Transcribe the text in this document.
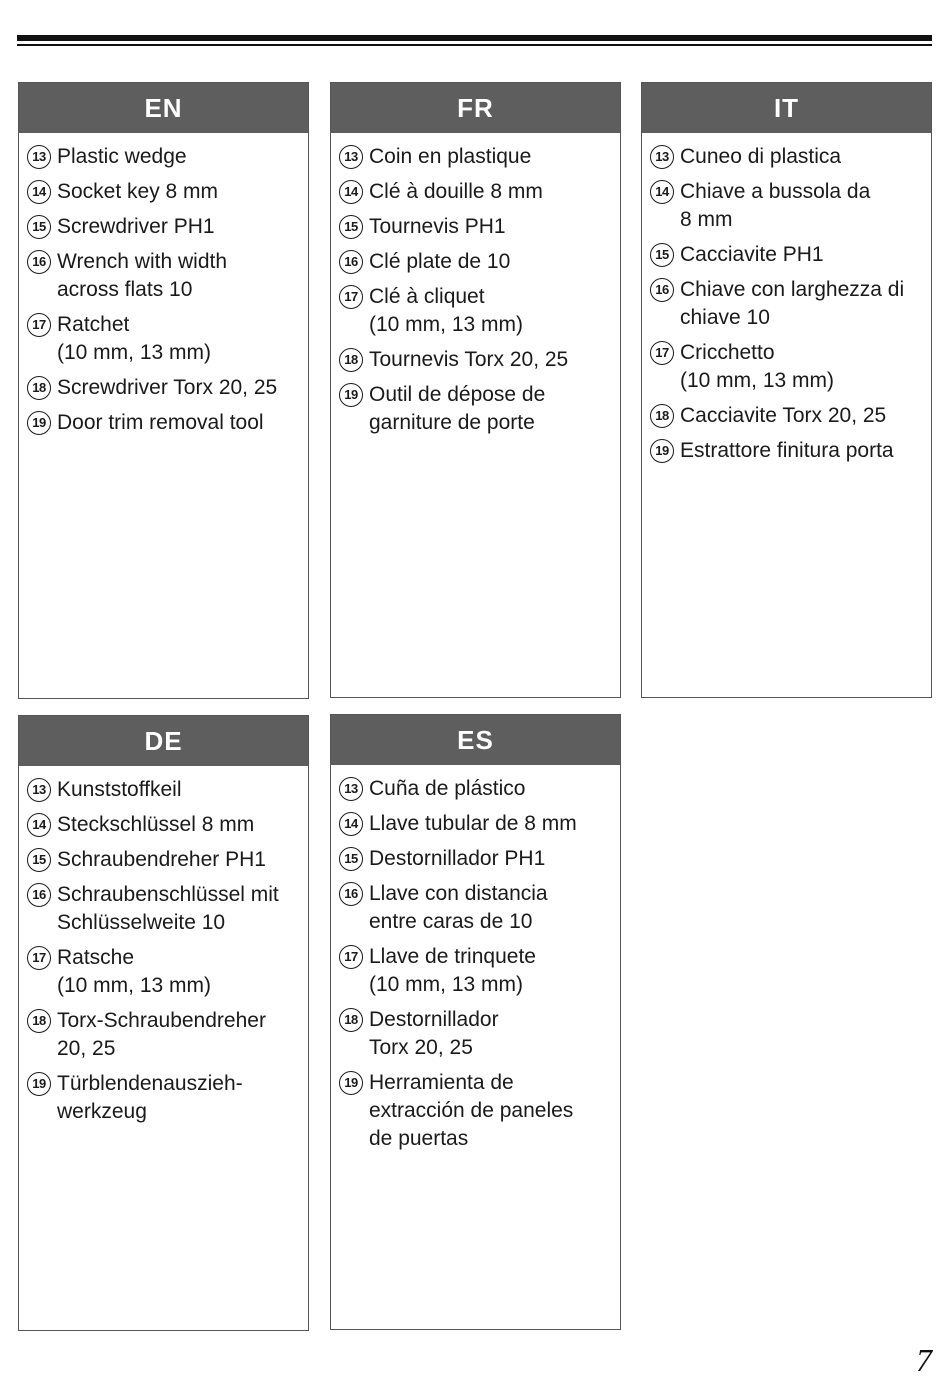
EN
13 Plastic wedge
14 Socket key 8 mm
15 Screwdriver PH1
16 Wrench with width
across flats 10
17 Ratchet
(10 mm, 13 mm)
18 Screwdriver Torx 20, 25
19 Door trim removal tool
FR
13 Coin en plastique
14 Clé à douille 8 mm
15 Tournevis PH1
16 Clé plate de 10
17 Clé à cliquet
(10 mm, 13 mm)
18 Tournevis Torx 20, 25
19 Outil de dépose de
garniture de porte
IT
13 Cuneo di plastica
14 Chiave a bussola da
8 mm
15 Cacciavite PH1
16 Chiave con larghezza di
chiave 10
17 Cricchetto
(10 mm, 13 mm)
18 Cacciavite Torx 20, 25
19 Estrattore finitura porta
DE
13 Kunststoffkeil
14 Steckschlüssel 8 mm
15 Schraubendreher PH1
16 Schraubenschlüssel mit
Schlüsselweite 10
17 Ratsche
(10 mm, 13 mm)
18 Torx-Schraubendreher
20, 25
19 Türblendenauszieh-
werkzeug
ES
13 Cuña de plástico
14 Llave tubular de 8 mm
15 Destornillador PH1
16 Llave con distancia
entre caras de 10
17 Llave de trinquete
(10 mm, 13 mm)
18 Destornillador
Torx 20, 25
19 Herramienta de
extracción de paneles
de puertas
7
